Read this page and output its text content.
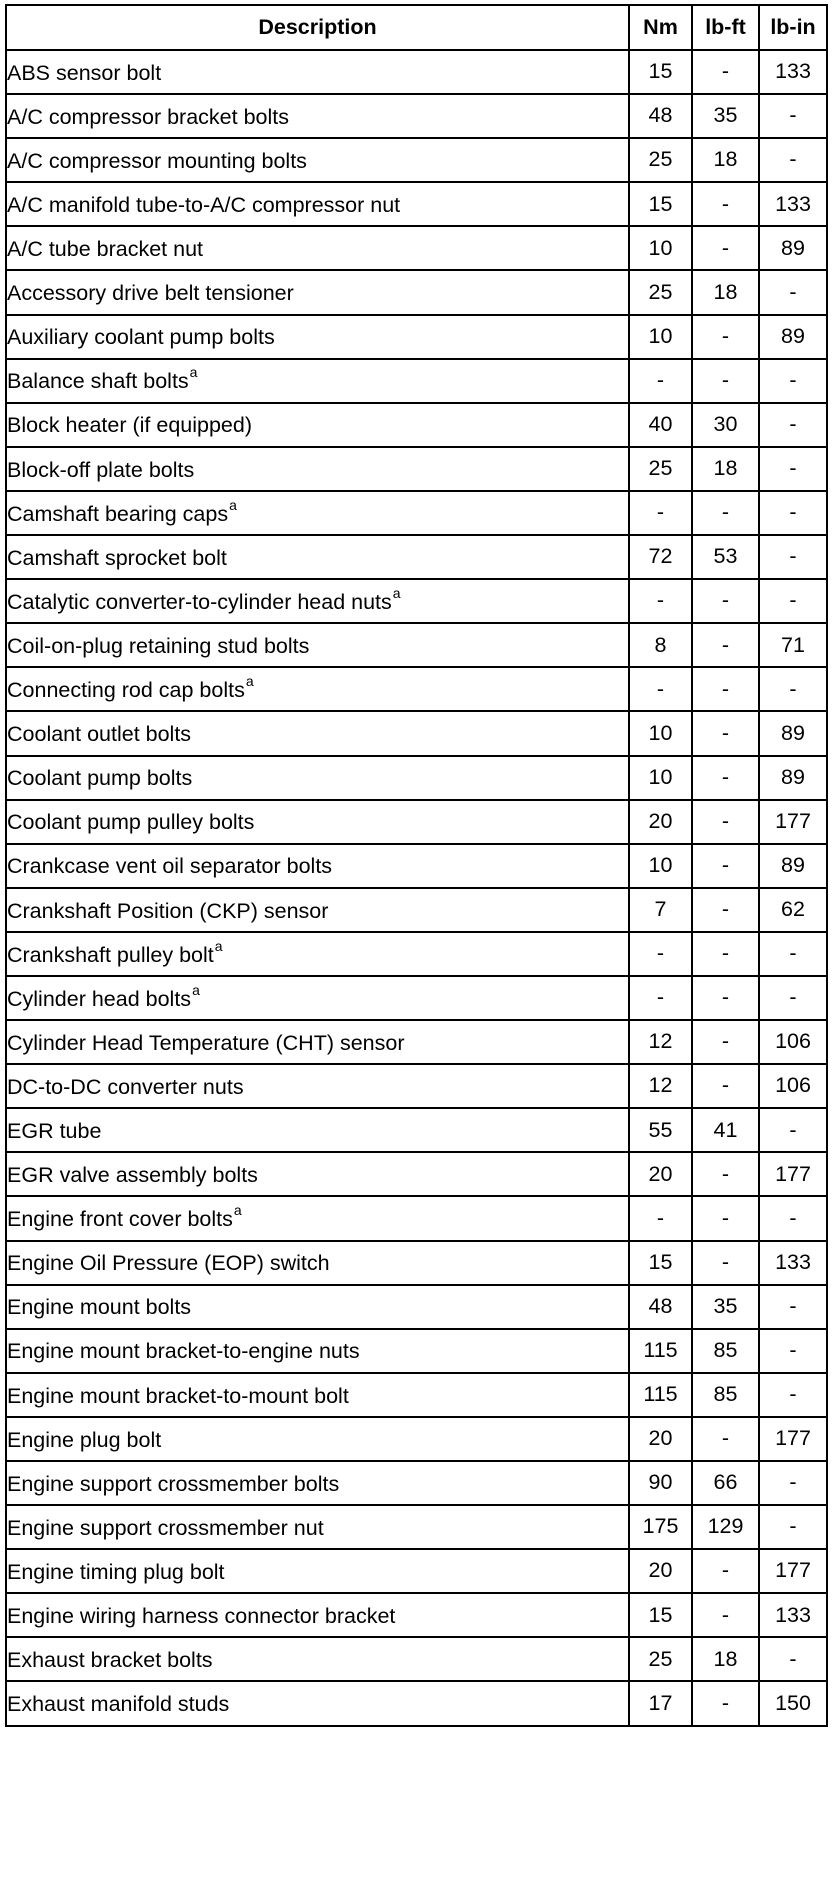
Description	Nm	lb-ft	lb-in
ABS sensor bolt	15	-	133
A/C compressor bracket bolts	48	35	-
A/C compressor mounting bolts	25	18	-
A/C manifold tube-to-A/C compressor nut	15	-	133
A/C tube bracket nut	10	-	89
Accessory drive belt tensioner	25	18	-
Auxiliary coolant pump bolts	10	-	89
Balance shaft bolts$^a$	-	-	-
Block heater (if equipped)	40	30	-
Block-off plate bolts	25	18	-
Camshaft bearing caps$^a$	-	-	-
Camshaft sprocket bolt	72	53	-
Catalytic converter-to-cylinder head nuts$^a$	-	-	-
Coil-on-plug retaining stud bolts	8	-	71
Connecting rod cap bolts$^a$	-	-	-
Coolant outlet bolts	10	-	89
Coolant pump bolts	10	-	89
Coolant pump pulley bolts	20	-	177
Crankcase vent oil separator bolts	10	-	89
Crankshaft Position (CKP) sensor	7	-	62
Crankshaft pulley bolt$^a$	-	-	-
Cylinder head bolts$^a$	-	-	-
Cylinder Head Temperature (CHT) sensor	12	-	106
DC-to-DC converter nuts	12	-	106
EGR tube	55	41	-
EGR valve assembly bolts	20	-	177
Engine front cover bolts$^a$	-	-	-
Engine Oil Pressure (EOP) switch	15	-	133
Engine mount bolts	48	35	-
Engine mount bracket-to-engine nuts	115	85	-
Engine mount bracket-to-mount bolt	115	85	-
Engine plug bolt	20	-	177
Engine support crossmember bolts	90	66	-
Engine support crossmember nut	175	129	-
Engine timing plug bolt	20	-	177
Engine wiring harness connector bracket	15	-	133
Exhaust bracket bolts	25	18	-
Exhaust manifold studs	17	-	150
